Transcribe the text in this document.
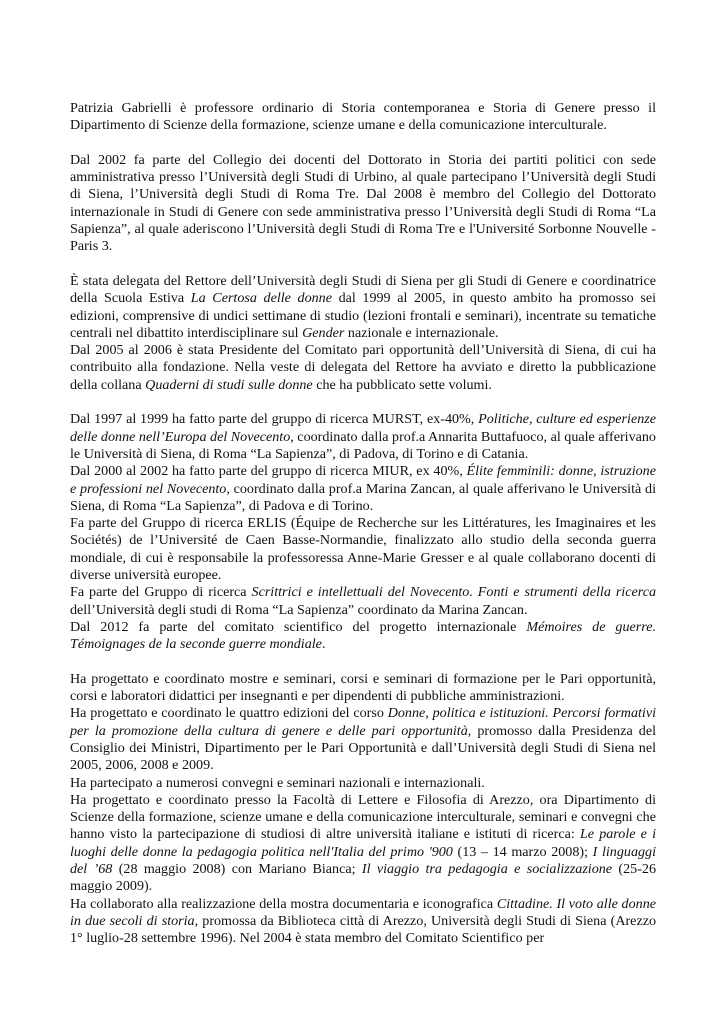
Patrizia Gabrielli è professore ordinario di Storia contemporanea e Storia di Genere presso il Dipartimento di Scienze della formazione, scienze umane e della comunicazione interculturale.

Dal 2002 fa parte del Collegio dei docenti del Dottorato in Storia dei partiti politici con sede amministrativa presso l’Università degli Studi di Urbino, al quale partecipano l’Università degli Studi di Siena, l’Università degli Studi di Roma Tre. Dal 2008 è membro del Collegio del Dottorato internazionale in Studi di Genere con sede amministrativa presso l’Università degli Studi di Roma “La Sapienza”, al quale aderiscono l’Università degli Studi di Roma Tre e l'Université Sorbonne Nouvelle - Paris 3.

È stata delegata del Rettore dell’Università degli Studi di Siena per gli Studi di Genere e coordinatrice della Scuola Estiva La Certosa delle donne dal 1999 al 2005, in questo ambito ha promosso sei edizioni, comprensive di undici settimane di studio (lezioni frontali e seminari), incentrate su tematiche centrali nel dibattito interdisciplinare sul Gender nazionale e internazionale.

Dal 2005 al 2006 è stata Presidente del Comitato pari opportunità dell’Università di Siena, di cui ha contribuito alla fondazione. Nella veste di delegata del Rettore ha avviato e diretto la pubblicazione della collana Quaderni di studi sulle donne che ha pubblicato sette volumi.

Dal 1997 al 1999 ha fatto parte del gruppo di ricerca MURST, ex-40%, Politiche, culture ed esperienze delle donne nell’Europa del Novecento, coordinato dalla prof.a Annarita Buttafuoco, al quale afferivano le Università di Siena, di Roma “La Sapienza”, di Padova, di Torino e di Catania.

Dal 2000 al 2002 ha fatto parte del gruppo di ricerca MIUR, ex 40%, Élite femminili: donne, istruzione e professioni nel Novecento, coordinato dalla prof.a Marina Zancan, al quale afferivano le Università di Siena, di Roma “La Sapienza”, di Padova e di Torino.

Fa parte del Gruppo di ricerca ERLIS (Équipe de Recherche sur les Littératures, les Imaginaires et les Sociétés) de l’Université de Caen Basse-Normandie, finalizzato allo studio della seconda guerra mondiale, di cui è responsabile la professoressa Anne-Marie Gresser e al quale collaborano docenti di diverse università europee.

Fa parte del Gruppo di ricerca Scrittrici e intellettuali del Novecento. Fonti e strumenti della ricerca dell’Università degli studi di Roma “La Sapienza” coordinato da Marina Zancan.

Dal 2012 fa parte del comitato scientifico del progetto internazionale Mémoires de guerre. Témoignages de la seconde guerre mondiale.

Ha progettato e coordinato mostre e seminari, corsi e seminari di formazione per le Pari opportunità, corsi e laboratori didattici per insegnanti e per dipendenti di pubbliche amministrazioni.

Ha progettato e coordinato le quattro edizioni del corso Donne, politica e istituzioni. Percorsi formativi per la promozione della cultura di genere e delle pari opportunità, promosso dalla Presidenza del Consiglio dei Ministri, Dipartimento per le Pari Opportunità e dall’Università degli Studi di Siena nel 2005, 2006, 2008 e 2009.

Ha partecipato a numerosi convegni e seminari nazionali e internazionali.

Ha progettato e coordinato presso la Facoltà di Lettere e Filosofia di Arezzo, ora Dipartimento di Scienze della formazione, scienze umane e della comunicazione interculturale, seminari e convegni che hanno visto la partecipazione di studiosi di altre università italiane e istituti di ricerca: Le parole e i luoghi delle donne la pedagogia politica nell'Italia del primo '900 (13 – 14 marzo 2008); I linguaggi del ’68 (28 maggio 2008) con Mariano Bianca; Il viaggio tra pedagogia e socializzazione (25-26 maggio 2009).

Ha collaborato alla realizzazione della mostra documentaria e iconografica Cittadine. Il voto alle donne in due secoli di storia, promossa da Biblioteca città di Arezzo, Università degli Studi di Siena (Arezzo 1° luglio-28 settembre 1996). Nel 2004 è stata membro del Comitato Scientifico per
